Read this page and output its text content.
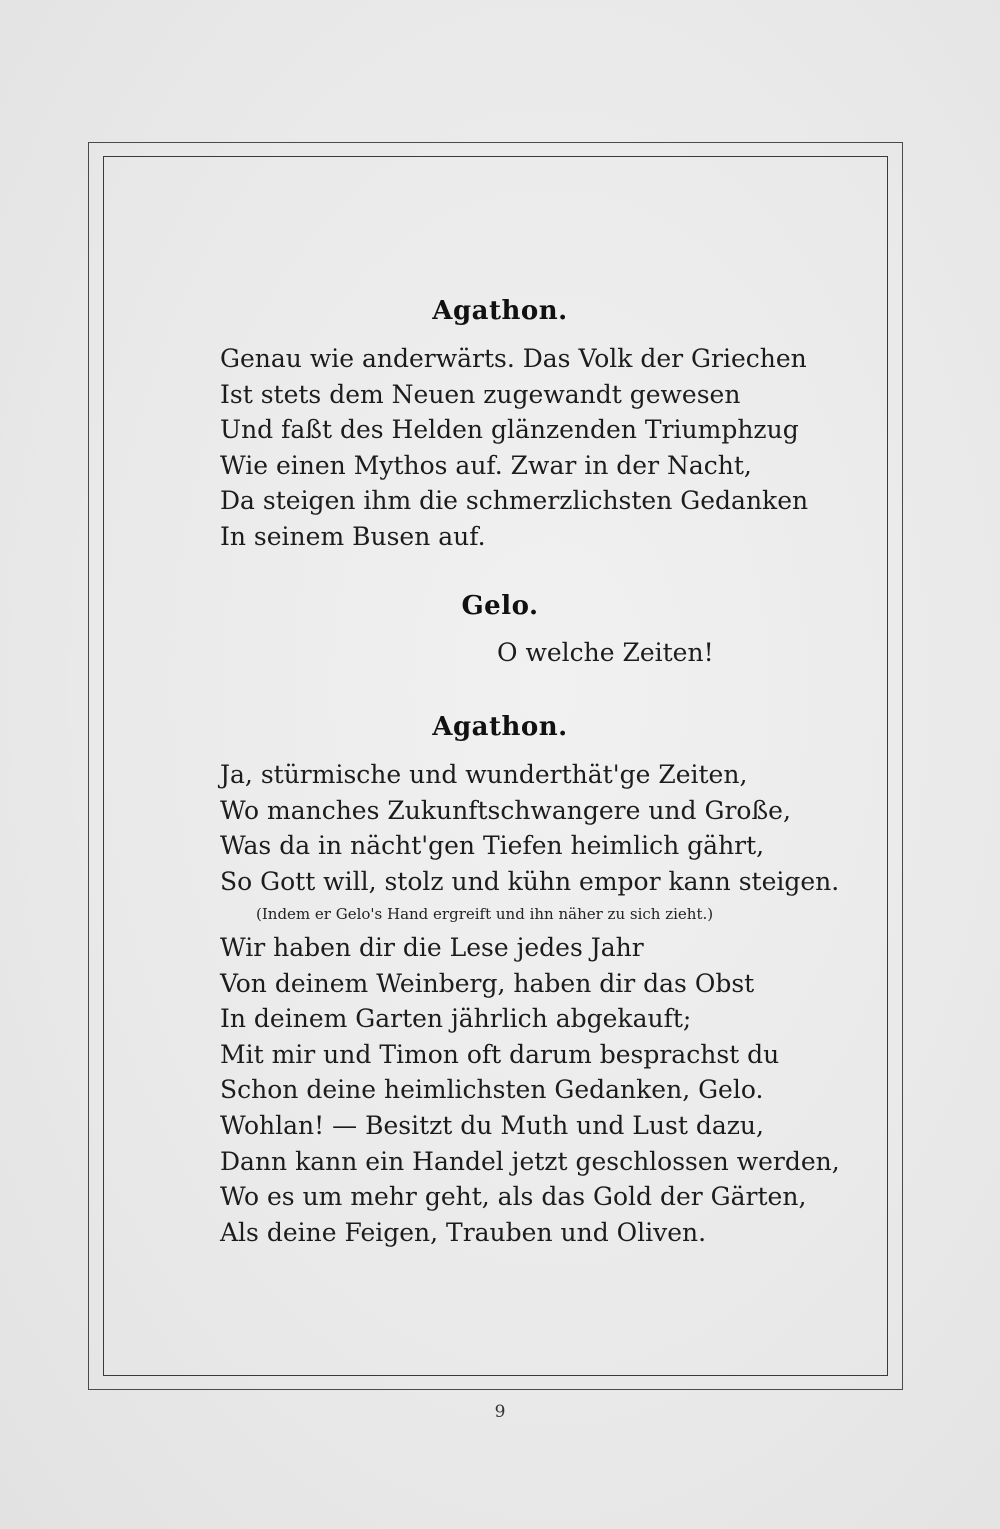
Agathon.
Genau wie anderwärts. Das Volk der Griechen
Ist stets dem Neuen zugewandt gewesen
Und faßt des Helden glänzenden Triumphzug
Wie einen Mythos auf. Zwar in der Nacht,
Da steigen ihm die schmerzlichsten Gedanken
In seinem Busen auf.
Gelo.
O welche Zeiten!
Agathon.
Ja, stürmische und wunderthät'ge Zeiten,
Wo manches Zukunftschwangere und Große,
Was da in nächt'gen Tiefen heimlich gährt,
So Gott will, stolz und kühn empor kann steigen.
(Indem er Gelo's Hand ergreift und ihn näher zu sich zieht.)
Wir haben dir die Lese jedes Jahr
Von deinem Weinberg, haben dir das Obst
In deinem Garten jährlich abgekauft;
Mit mir und Timon oft darum besprachst du
Schon deine heimlichsten Gedanken, Gelo.
Wohlan! — Besitzt du Muth und Lust dazu,
Dann kann ein Handel jetzt geschlossen werden,
Wo es um mehr geht, als das Gold der Gärten,
Als deine Feigen, Trauben und Oliven.
9
